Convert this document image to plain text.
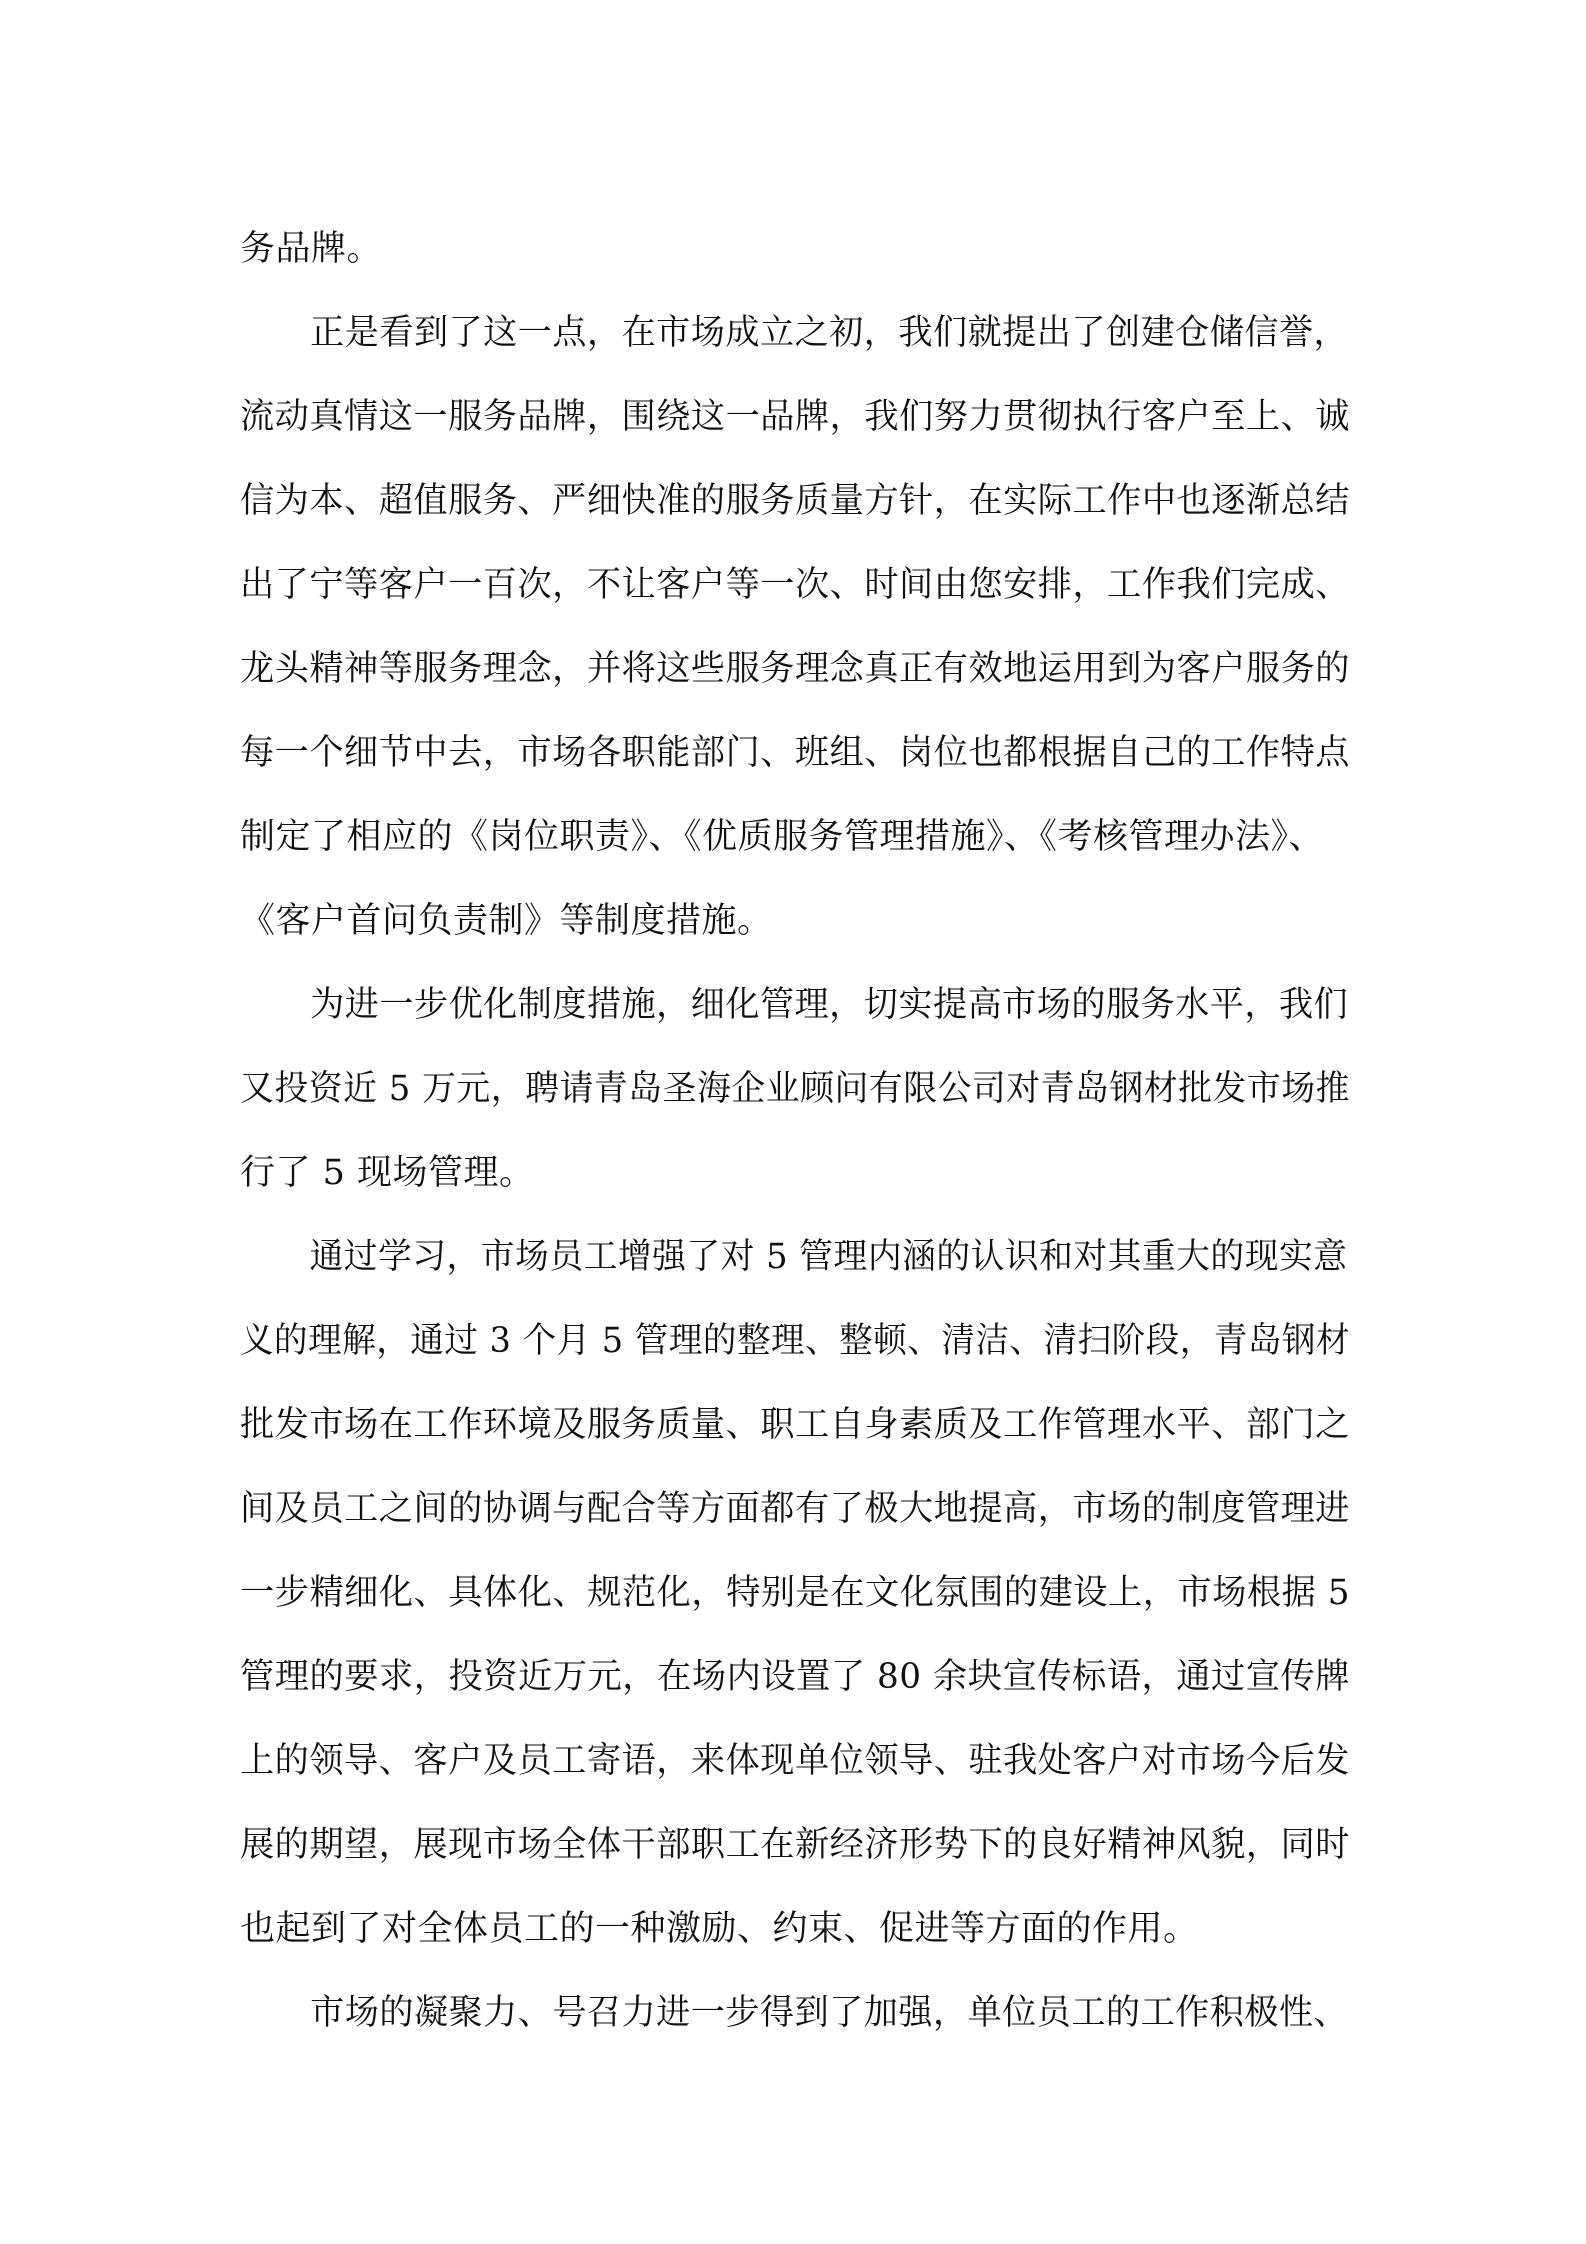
务品牌。
正是看到了这一点，在市场成立之初，我们就提出了创建仓储信誉，
流动真情这一服务品牌，围绕这一品牌，我们努力贯彻执行客户至上、诚
信为本、超值服务、严细快准的服务质量方针，在实际工作中也逐渐总结
出了宁等客户一百次，不让客户等一次、时间由您安排，工作我们完成、
龙头精神等服务理念，并将这些服务理念真正有效地运用到为客户服务的
每一个细节中去，市场各职能部门、班组、岗位也都根据自己的工作特点
制定了相应的《岗位职责》、《优质服务管理措施》、《考核管理办法》、
《客户首问负责制》等制度措施。
为进一步优化制度措施，细化管理，切实提高市场的服务水平，我们
又投资近 5 万元，聘请青岛圣海企业顾问有限公司对青岛钢材批发市场推
行了 5 现场管理。
通过学习，市场员工增强了对 5 管理内涵的认识和对其重大的现实意
义的理解，通过 3 个月 5 管理的整理、整顿、清洁、清扫阶段，青岛钢材
批发市场在工作环境及服务质量、职工自身素质及工作管理水平、部门之
间及员工之间的协调与配合等方面都有了极大地提高，市场的制度管理进
一步精细化、具体化、规范化，特别是在文化氛围的建设上，市场根据 5
管理的要求，投资近万元，在场内设置了 80 余块宣传标语，通过宣传牌
上的领导、客户及员工寄语，来体现单位领导、驻我处客户对市场今后发
展的期望，展现市场全体干部职工在新经济形势下的良好精神风貌，同时
也起到了对全体员工的一种激励、约束、促进等方面的作用。
市场的凝聚力、号召力进一步得到了加强，单位员工的工作积极性、
